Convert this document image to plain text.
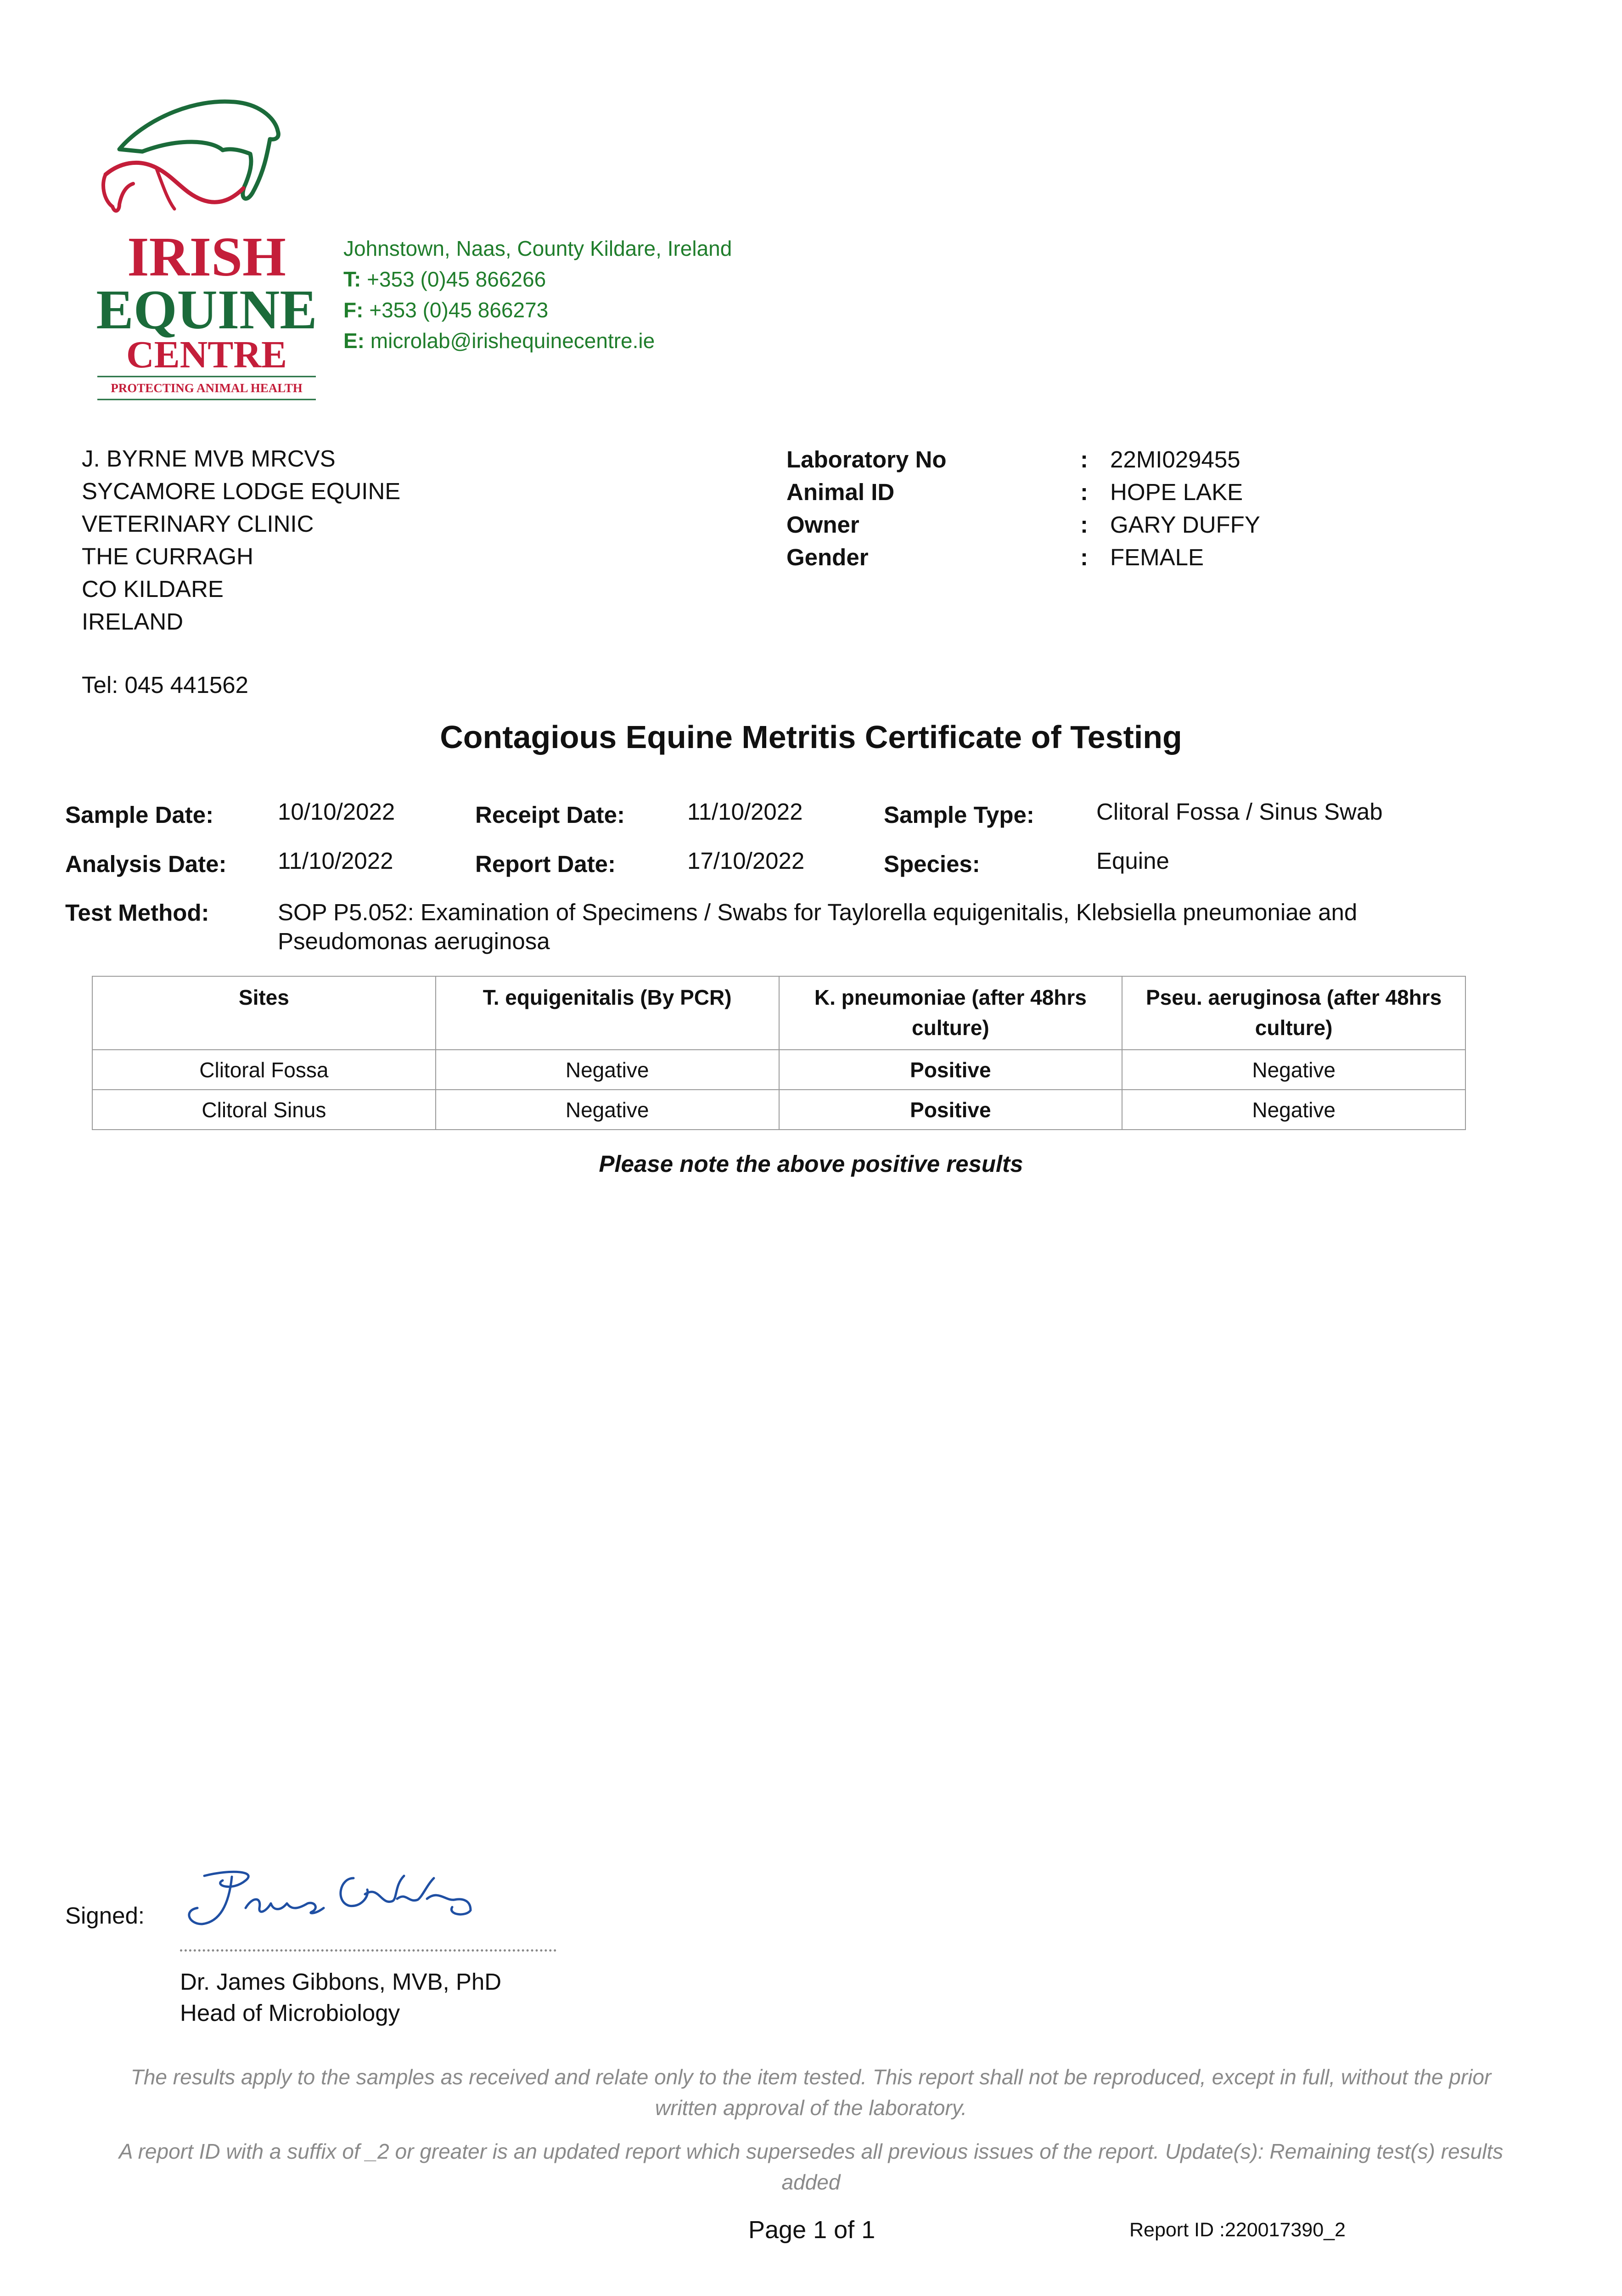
IRISH
EQUINE
CENTRE
PROTECTING ANIMAL HEALTH
Johnstown, Naas, County Kildare, Ireland
T: +353 (0)45 866266
F: +353 (0)45 866273
E: microlab@irishequinecentre.ie
J. BYRNE MVB MRCVS
SYCAMORE LODGE EQUINE
VETERINARY CLINIC
THE CURRAGH
CO KILDARE
IRELAND
Tel: 045 441562
Laboratory No	: 22MI029455
Animal ID	: HOPE LAKE
Owner	: GARY DUFFY
Gender	: FEMALE
Contagious Equine Metritis Certificate of Testing
Sample Date:	10/10/2022	Receipt Date:	11/10/2022	Sample Type:	Clitoral Fossa / Sinus Swab
Analysis Date: 11/10/2022	Report Date:	17/10/2022	Species:	Equine
Test Method:	SOP P5.052: Examination of Specimens / Swabs for Taylorella equigenitalis, Klebsiella pneumoniae and Pseudomonas aeruginosa
Sites	T. equigenitalis (By PCR)	K. pneumoniae (after 48hrs culture)	Pseu. aeruginosa (after 48hrs culture)
Clitoral Fossa	Negative	Positive	Negative
Clitoral Sinus	Negative	Positive	Negative
Please note the above positive results
Signed:
Dr. James Gibbons, MVB, PhD
Head of Microbiology
The results apply to the samples as received and relate only to the item tested. This report shall not be reproduced, except in full, without the prior written approval of the laboratory.
A report ID with a suffix of _2 or greater is an updated report which supersedes all previous issues of the report. Update(s): Remaining test(s) results added
Page 1 of 1	Report ID :220017390_2
